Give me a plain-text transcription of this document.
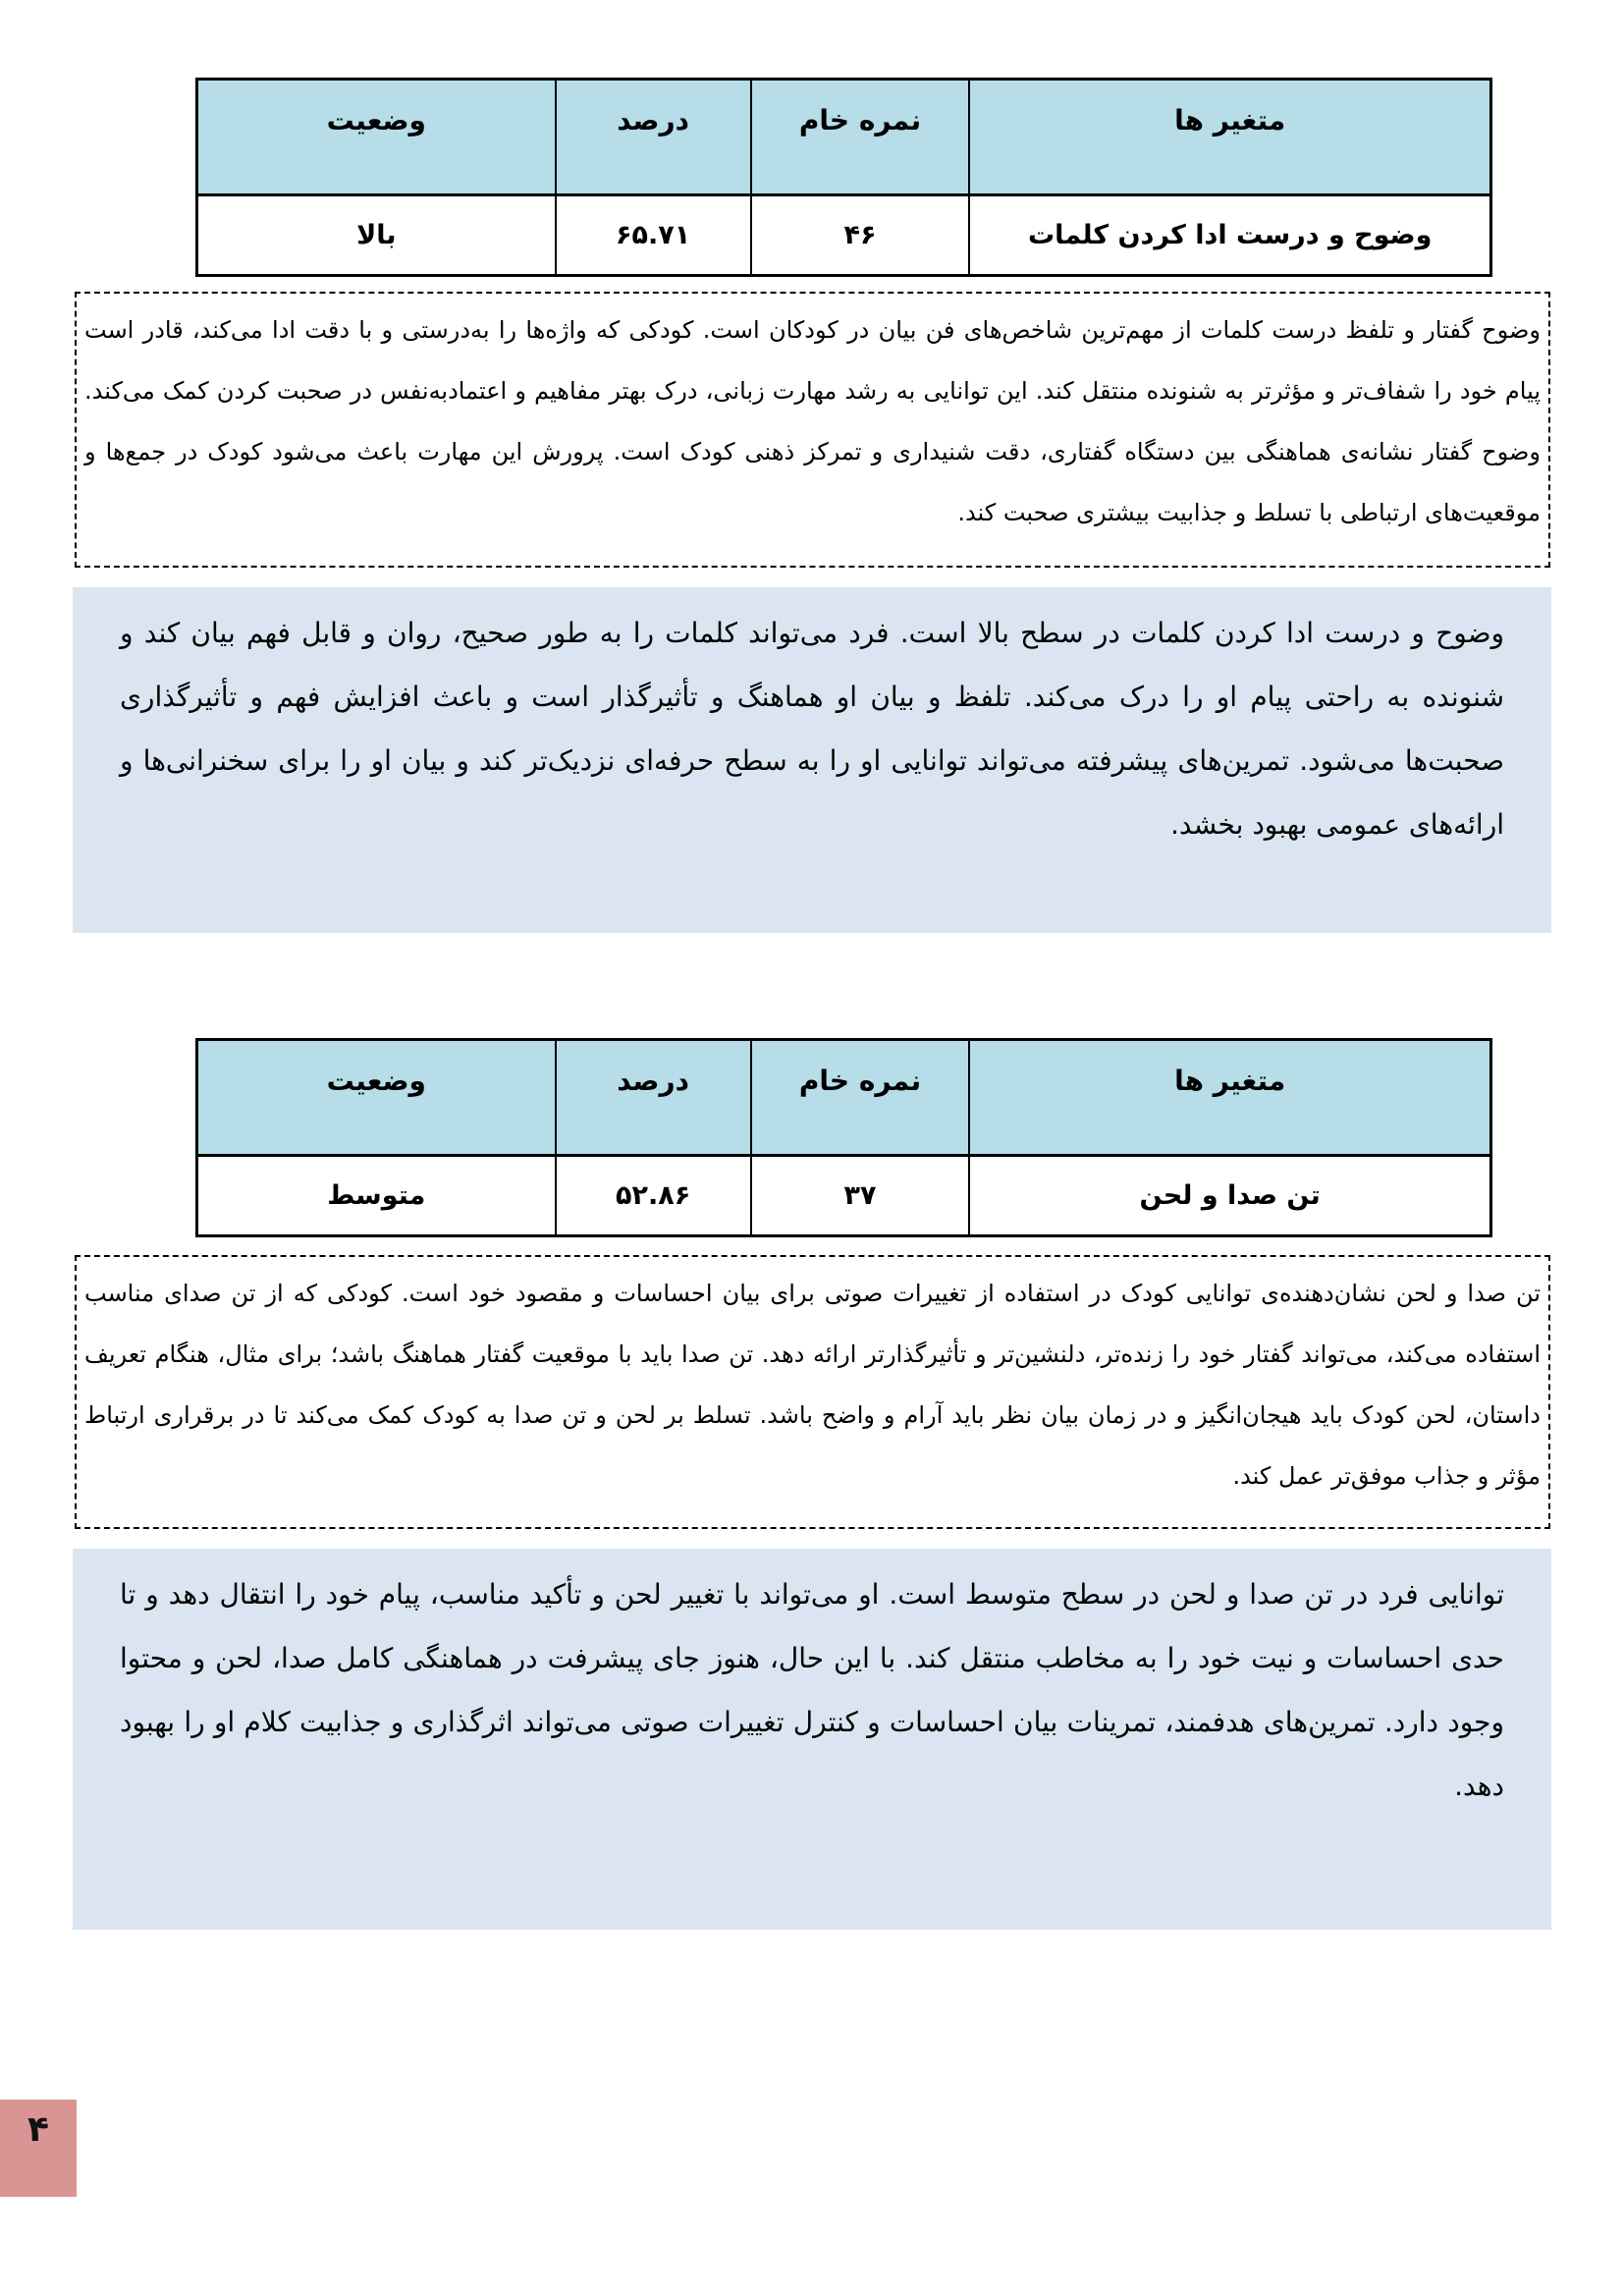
متغیر ها	نمره خام	درصد	وضعیت
وضوح و درست ادا کردن کلمات	۴۶	۶۵.۷۱	بالا
وضوح گفتار و تلفظ درست کلمات از مهم‌ترین شاخص‌های فن بیان در کودکان است. کودکی که واژه‌ها را به‌درستی و با دقت ادا می‌کند، قادر است پیام خود را شفاف‌تر و مؤثرتر به شنونده منتقل کند. این توانایی به رشد مهارت زبانی، درک بهتر مفاهیم و اعتمادبه‌نفس در صحبت کردن کمک می‌کند. وضوح گفتار نشانه‌ی هماهنگی بین دستگاه گفتاری، دقت شنیداری و تمرکز ذهنی کودک است. پرورش این مهارت باعث می‌شود کودک در جمع‌ها و موقعیت‌های ارتباطی با تسلط و جذابیت بیشتری صحبت کند.
وضوح و درست ادا کردن کلمات در سطح بالا است. فرد می‌تواند کلمات را به طور صحیح، روان و قابل فهم بیان کند و شنونده به راحتی پیام او را درک می‌کند. تلفظ و بیان او هماهنگ و تأثیرگذار است و باعث افزایش فهم و تأثیرگذاری صحبت‌ها می‌شود. تمرین‌های پیشرفته می‌تواند توانایی او را به سطح حرفه‌ای نزدیک‌تر کند و بیان او را برای سخنرانی‌ها و ارائه‌های عمومی بهبود بخشد.
متغیر ها	نمره خام	درصد	وضعیت
تن صدا و لحن	۳۷	۵۲.۸۶	متوسط
تن صدا و لحن نشان‌دهنده‌ی توانایی کودک در استفاده از تغییرات صوتی برای بیان احساسات و مقصود خود است. کودکی که از تن صدای مناسب استفاده می‌کند، می‌تواند گفتار خود را زنده‌تر، دلنشین‌تر و تأثیرگذارتر ارائه دهد. تن صدا باید با موقعیت گفتار هماهنگ باشد؛ برای مثال، هنگام تعریف داستان، لحن کودک باید هیجان‌انگیز و در زمان بیان نظر باید آرام و واضح باشد. تسلط بر لحن و تن صدا به کودک کمک می‌کند تا در برقراری ارتباط مؤثر و جذاب موفق‌تر عمل کند.
توانایی فرد در تن صدا و لحن در سطح متوسط است. او می‌تواند با تغییر لحن و تأکید مناسب، پیام خود را انتقال دهد و تا حدی احساسات و نیت خود را به مخاطب منتقل کند. با این حال، هنوز جای پیشرفت در هماهنگی کامل صدا، لحن و محتوا وجود دارد. تمرین‌های هدفمند، تمرینات بیان احساسات و کنترل تغییرات صوتی می‌تواند اثرگذاری و جذابیت کلام او را بهبود دهد.
۴
